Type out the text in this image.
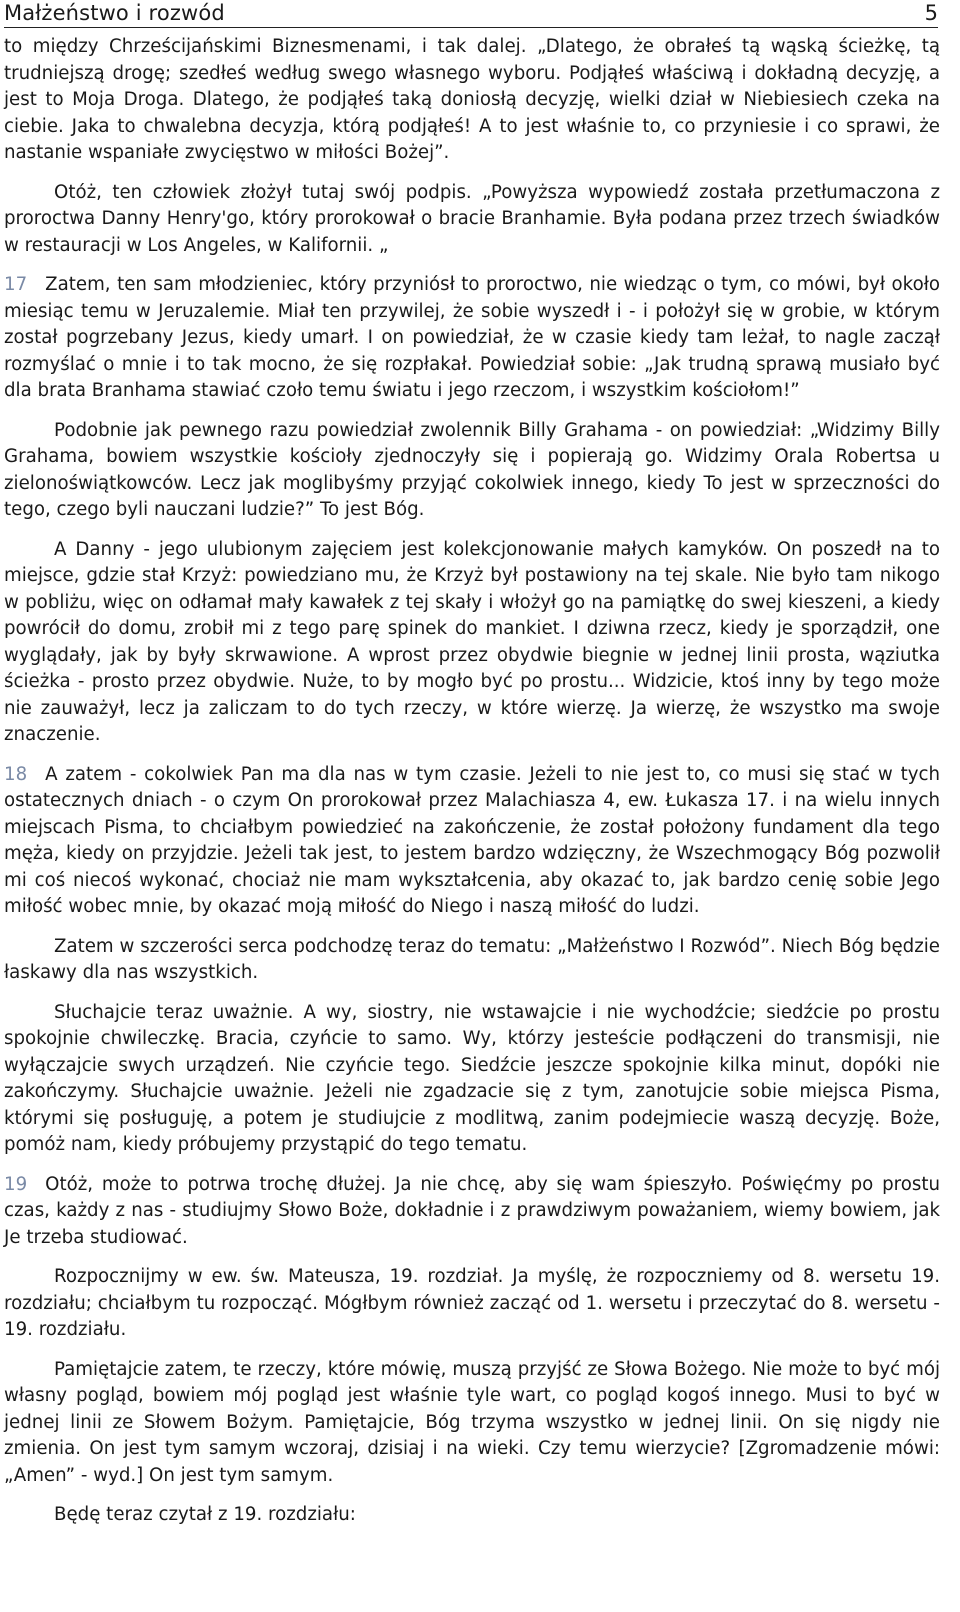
Małżeństwo i rozwód	5

to między Chrześcijańskimi Biznesmenami, i tak dalej. „Dlatego, że obrałeś tą wąską ścieżkę, tą trudniejszą drogę; szedłeś według swego własnego wyboru. Podjąłeś właściwą i dokładną decyzję, a jest to Moja Droga. Dlatego, że podjąłeś taką doniosłą decyzję, wielki dział w Niebiesiech czeka na ciebie. Jaka to chwalebna decyzja, którą podjąłeś! A to jest właśnie to, co przyniesie i co sprawi, że nastanie wspaniałe zwycięstwo w miłości Bożej”.

Otóż, ten człowiek złożył tutaj swój podpis. „Powyższa wypowiedź została przetłumaczona z proroctwa Danny Henry'go, który prorokował o bracie Branhamie. Była podana przez trzech świadków w restauracji w Los Angeles, w Kalifornii. „

17 Zatem, ten sam młodzieniec, który przyniósł to proroctwo, nie wiedząc o tym, co mówi, był około miesiąc temu w Jeruzalemie. Miał ten przywilej, że sobie wyszedł i - i położył się w grobie, w którym został pogrzebany Jezus, kiedy umarł. I on powiedział, że w czasie kiedy tam leżał, to nagle zaczął rozmyślać o mnie i to tak mocno, że się rozpłakał. Powiedział sobie: „Jak trudną sprawą musiało być dla brata Branhama stawiać czoło temu światu i jego rzeczom, i wszystkim kościołom!”

Podobnie jak pewnego razu powiedział zwolennik Billy Grahama - on powiedział: „Widzimy Billy Grahama, bowiem wszystkie kościoły zjednoczyły się i popierają go. Widzimy Orala Robertsa u zielonoświątkowców. Lecz jak moglibyśmy przyjąć cokolwiek innego, kiedy To jest w sprzeczności do tego, czego byli nauczani ludzie?” To jest Bóg.

A Danny - jego ulubionym zajęciem jest kolekcjonowanie małych kamyków. On poszedł na to miejsce, gdzie stał Krzyż: powiedziano mu, że Krzyż był postawiony na tej skale. Nie było tam nikogo w pobliżu, więc on odłamał mały kawałek z tej skały i włożył go na pamiątkę do swej kieszeni, a kiedy powrócił do domu, zrobił mi z tego parę spinek do mankiet. I dziwna rzecz, kiedy je sporządził, one wyglądały, jak by były skrwawione. A wprost przez obydwie biegnie w jednej linii prosta, wąziutka ścieżka - prosto przez obydwie. Nuże, to by mogło być po prostu... Widzicie, ktoś inny by tego może nie zauważył, lecz ja zaliczam to do tych rzeczy, w które wierzę. Ja wierzę, że wszystko ma swoje znaczenie.

18 A zatem - cokolwiek Pan ma dla nas w tym czasie. Jeżeli to nie jest to, co musi się stać w tych ostatecznych dniach - o czym On prorokował przez Malachiasza 4, ew. Łukasza 17. i na wielu innych miejscach Pisma, to chciałbym powiedzieć na zakończenie, że został położony fundament dla tego męża, kiedy on przyjdzie. Jeżeli tak jest, to jestem bardzo wdzięczny, że Wszechmogący Bóg pozwolił mi coś niecoś wykonać, chociaż nie mam wykształcenia, aby okazać to, jak bardzo cenię sobie Jego miłość wobec mnie, by okazać moją miłość do Niego i naszą miłość do ludzi.

Zatem w szczerości serca podchodzę teraz do tematu: „Małżeństwo I Rozwód”. Niech Bóg będzie łaskawy dla nas wszystkich.

Słuchajcie teraz uważnie. A wy, siostry, nie wstawajcie i nie wychodźcie; siedźcie po prostu spokojnie chwileczkę. Bracia, czyńcie to samo. Wy, którzy jesteście podłączeni do transmisji, nie wyłączajcie swych urządzeń. Nie czyńcie tego. Siedźcie jeszcze spokojnie kilka minut, dopóki nie zakończymy. Słuchajcie uważnie. Jeżeli nie zgadzacie się z tym, zanotujcie sobie miejsca Pisma, którymi się posługuję, a potem je studiujcie z modlitwą, zanim podejmiecie waszą decyzję. Boże, pomóż nam, kiedy próbujemy przystąpić do tego tematu.

19 Otóż, może to potrwa trochę dłużej. Ja nie chcę, aby się wam śpieszyło. Poświęćmy po prostu czas, każdy z nas - studiujmy Słowo Boże, dokładnie i z prawdziwym poważaniem, wiemy bowiem, jak Je trzeba studiować.

Rozpocznijmy w ew. św. Mateusza, 19. rozdział. Ja myślę, że rozpoczniemy od 8. wersetu 19. rozdziału; chciałbym tu rozpocząć. Mógłbym również zacząć od 1. wersetu i przeczytać do 8. wersetu - 19. rozdziału.

Pamiętajcie zatem, te rzeczy, które mówię, muszą przyjść ze Słowa Bożego. Nie może to być mój własny pogląd, bowiem mój pogląd jest właśnie tyle wart, co pogląd kogoś innego. Musi to być w jednej linii ze Słowem Bożym. Pamiętajcie, Bóg trzyma wszystko w jednej linii. On się nigdy nie zmienia. On jest tym samym wczoraj, dzisiaj i na wieki. Czy temu wierzycie? [Zgromadzenie mówi: „Amen” - wyd.] On jest tym samym.

Będę teraz czytał z 19. rozdziału:
